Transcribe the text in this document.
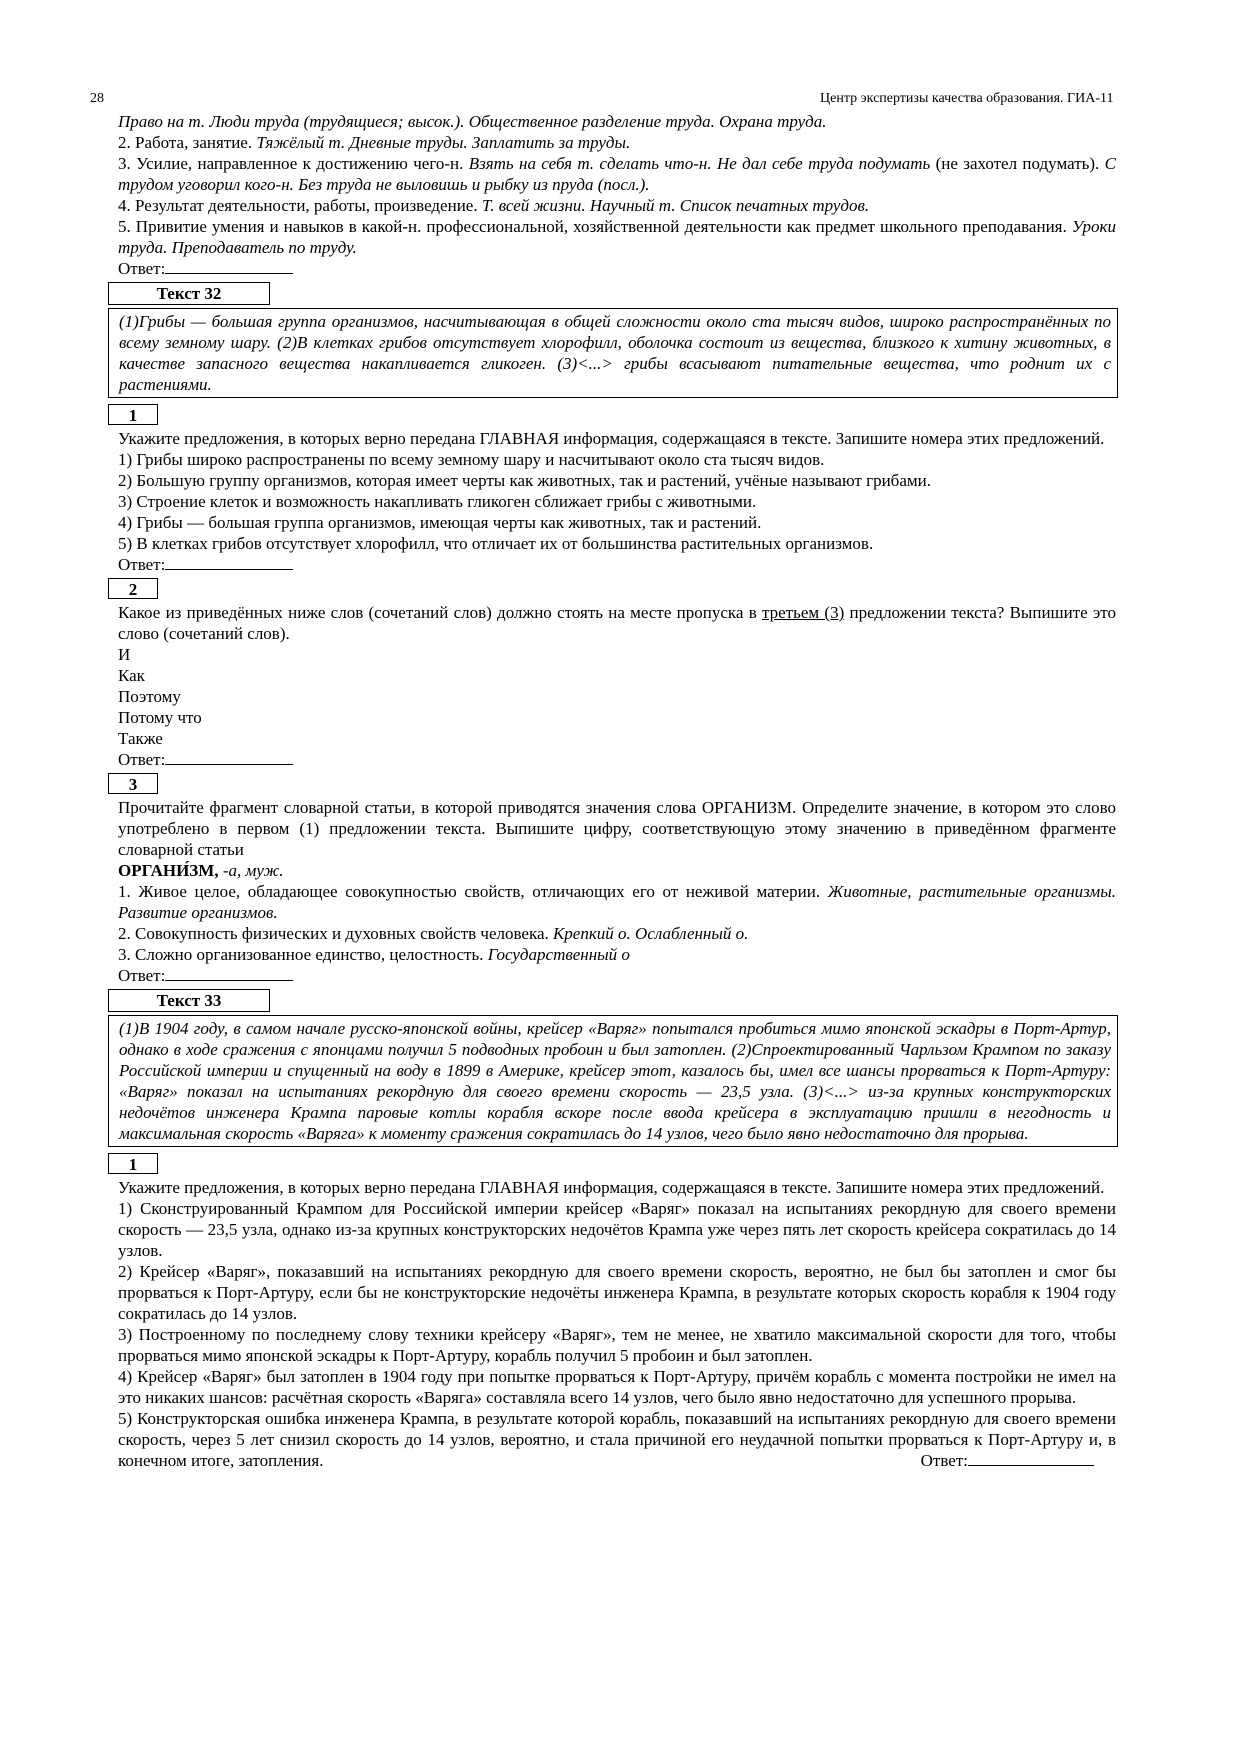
28	Центр экспертизы качества образования. ГИА-11

Право на т. Люди труда (трудящиеся; высок.). Общественное разделение труда. Охрана труда.

2. Работа, занятие. Тяжёлый т. Дневные труды. Заплатить за труды.

3. Усилие, направленное к достижению чего-н. Взять на себя т. сделать что-н. Не дал себе труда подумать (не захотел подумать). С трудом уговорил кого-н. Без труда не выловишь и рыбку из пруда (посл.).

4. Результат деятельности, работы, произведение. Т. всей жизни. Научный т. Список печатных трудов.

5. Привитие умения и навыков в какой-н. профессиональной, хозяйственной деятельности как предмет школьного преподавания. Уроки труда. Преподаватель по труду.

Ответ:

Текст 32
(1)Грибы — большая группа организмов, насчитывающая в общей сложности около ста тысяч видов, широко распространённых по всему земному шару. (2)В клетках грибов отсутствует хлорофилл, оболочка состоит из вещества, близкого к хитину животных, в качестве запасного вещества накапливается гликоген. (3)<...> грибы всасывают питательные вещества, что роднит их с растениями.
1

Укажите предложения, в которых верно передана ГЛАВНАЯ информация, содержащаяся в тексте. Запишите номера этих предложений.

1) Грибы широко распространены по всему земному шару и насчитывают около ста тысяч видов.

2) Большую группу организмов, которая имеет черты как животных, так и растений, учёные называют грибами.

3) Строение клеток и возможность накапливать гликоген сближает грибы с животными.

4) Грибы — большая группа организмов, имеющая черты как животных, так и растений.

5) В клетках грибов отсутствует хлорофилл, что отличает их от большинства растительных организмов.

Ответ:

2

Какое из приведённых ниже слов (сочетаний слов) должно стоять на месте пропуска в третьем (3) предложении текста? Выпишите это слово (сочетаний слов).

И

Как

Поэтому

Потому что

Также

Ответ:

3

Прочитайте фрагмент словарной статьи, в которой приводятся значения слова ОРГАНИЗМ. Определите значение, в котором это слово употреблено в первом (1) предложении текста. Выпишите цифру, соответствующую этому значению в приведённом фрагменте словарной статьи

ОРГАНИ́ЗМ, -а, муж.

1. Живое целое, обладающее совокупностью свойств, отличающих его от неживой материи. Животные, растительные организмы. Развитие организмов.

2. Совокупность физических и духовных свойств человека. Крепкий о. Ослабленный о.

3. Сложно организованное единство, целостность. Государственный о

Ответ:

Текст 33
(1)В 1904 году, в самом начале русско-японской войны, крейсер «Варяг» попытался пробиться мимо японской эскадры в Порт-Артур, однако в ходе сражения с японцами получил 5 подводных пробоин и был затоплен. (2)Спроектированный Чарльзом Крампом по заказу Российской империи и спущенный на воду в 1899 в Америке, крейсер этот, казалось бы, имел все шансы прорваться к Порт-Артуру: «Варяг» показал на испытаниях рекордную для своего времени скорость — 23,5 узла. (3)<...> из-за крупных конструкторских недочётов инженера Крампа паровые котлы корабля вскоре после ввода крейсера в эксплуатацию пришли в негодность и максимальная скорость «Варяга» к моменту сражения сократилась до 14 узлов, чего было явно недостаточно для прорыва.
1

Укажите предложения, в которых верно передана ГЛАВНАЯ информация, содержащаяся в тексте. Запишите номера этих предложений.

1) Сконструированный Крампом для Российской империи крейсер «Варяг» показал на испытаниях рекордную для своего времени скорость — 23,5 узла, однако из-за крупных конструкторских недочётов Крампа уже через пять лет скорость крейсера сократилась до 14 узлов.

2) Крейсер «Варяг», показавший на испытаниях рекордную для своего времени скорость, вероятно, не был бы затоплен и смог бы прорваться к Порт-Артуру, если бы не конструкторские недочёты инженера Крампа, в результате которых скорость корабля к 1904 году сократилась до 14 узлов.

3) Построенному по последнему слову техники крейсеру «Варяг», тем не менее, не хватило максимальной скорости для того, чтобы прорваться мимо японской эскадры к Порт-Артуру, корабль получил 5 пробоин и был затоплен.

4) Крейсер «Варяг» был затоплен в 1904 году при попытке прорваться к Порт-Артуру, причём корабль с момента постройки не имел на это никаких шансов: расчётная скорость «Варяга» составляла всего 14 узлов, чего было явно недостаточно для успешного прорыва.

5) Конструкторская ошибка инженера Крампа, в результате которой корабль, показавший на испытаниях рекордную для своего времени скорость, через 5 лет снизил скорость до 14 узлов, вероятно, и стала причиной его неудачной попытки прорваться к Порт-Артуру и, в конечном итоге, затопления.	Ответ:
